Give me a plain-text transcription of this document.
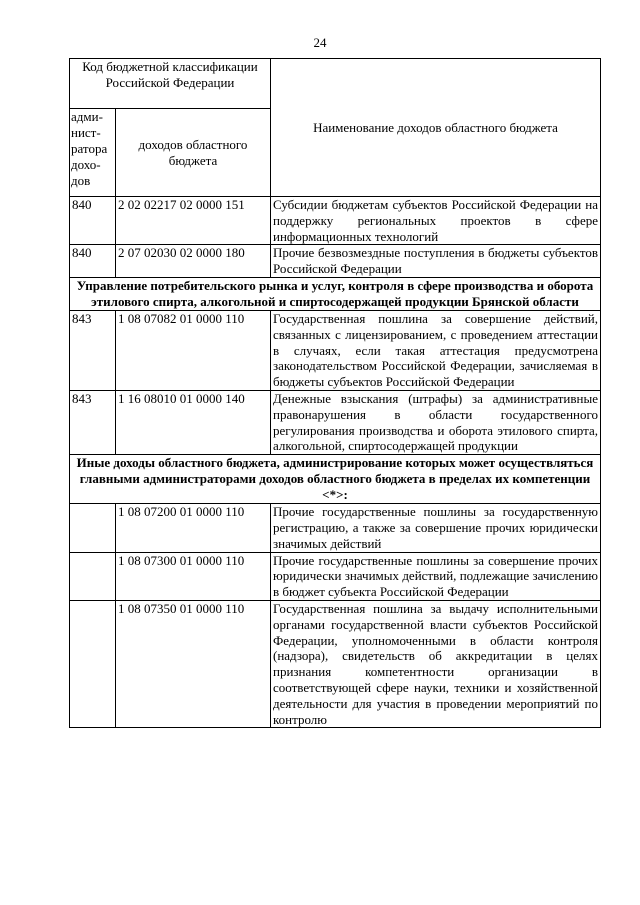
24
Код бюджетной классификации Российской Федерации		Наименование доходов областного бюджета
адми-нист-ратора дохо-дов	доходов областного бюджета	
840	2 02 02217 02 0000 151	Субсидии бюджетам субъектов Российской Федерации на поддержку региональных проектов в сфере информационных технологий
840	2 07 02030 02 0000 180	Прочие безвозмездные поступления в бюджеты субъектов Российской Федерации
Управление потребительского рынка и услуг, контроля в сфере производства и оборота этилового спирта, алкогольной и спиртосодержащей продукции Брянской области		
843	1 08 07082 01 0000 110	Государственная пошлина за совершение действий, связанных с лицензированием, с проведением аттестации в случаях, если такая аттестация предусмотрена законодательством Российской Федерации, зачисляемая в бюджеты субъектов Российской Федерации
843	1 16 08010 01 0000 140	Денежные взыскания (штрафы) за административные правонарушения в области государственного регулирования производства и оборота этилового спирта, алкогольной, спиртосодержащей продукции
Иные доходы областного бюджета, администрирование которых может осуществляться главными администраторами доходов областного бюджета в пределах их компетенции <*>:		
	1 08 07200 01 0000 110	Прочие государственные пошлины за государственную регистрацию, а также за совершение прочих юридически значимых действий
	1 08 07300 01 0000 110	Прочие государственные пошлины за совершение прочих юридически значимых действий, подлежащие зачислению в бюджет субъекта Российской Федерации
	1 08 07350 01 0000 110	Государственная пошлина за выдачу исполнительными органами государственной власти субъектов Российской Федерации, уполномоченными в области контроля (надзора), свидетельств об аккредитации в целях признания компетентности организации в соответствующей сфере науки, техники и хозяйственной деятельности для участия в проведении мероприятий по контролю
